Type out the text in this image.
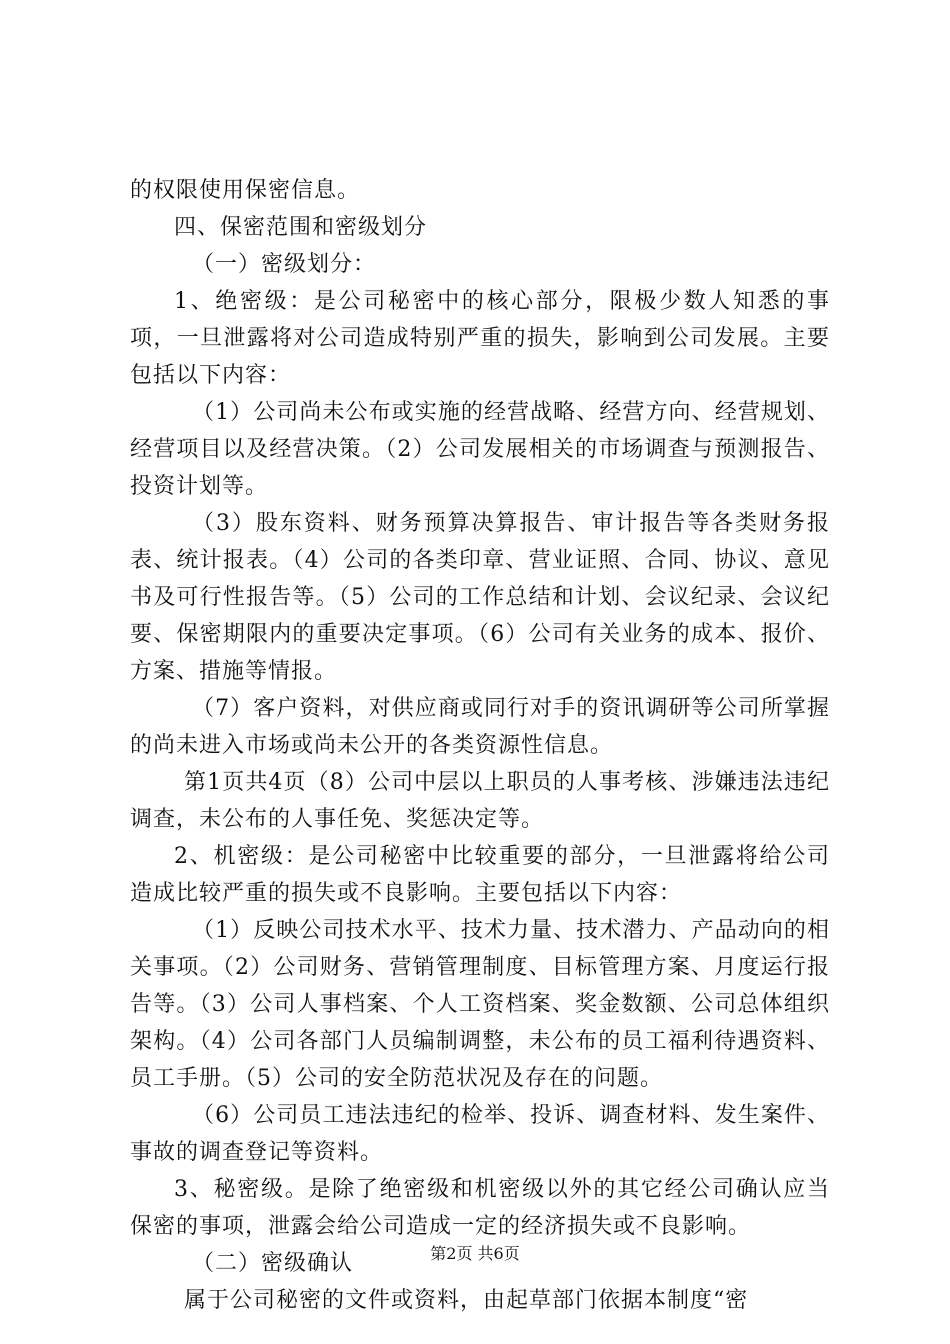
的权限使用保密信息。

四、保密范围和密级划分

（一）密级划分：

1、绝密级：是公司秘密中的核心部分，限极少数人知悉的事项，一旦泄露将对公司造成特别严重的损失，影响到公司发展。主要包括以下内容：

（1）公司尚未公布或实施的经营战略、经营方向、经营规划、经营项目以及经营决策。（2）公司发展相关的市场调查与预测报告、投资计划等。

（3）股东资料、财务预算决算报告、审计报告等各类财务报表、统计报表。（4）公司的各类印章、营业证照、合同、协议、意见书及可行性报告等。（5）公司的工作总结和计划、会议纪录、会议纪要、保密期限内的重要决定事项。（6）公司有关业务的成本、报价、方案、措施等情报。

（7）客户资料，对供应商或同行对手的资讯调研等公司所掌握的尚未进入市场或尚未公开的各类资源性信息。

第1页共4页（8）公司中层以上职员的人事考核、涉嫌违法违纪调查，未公布的人事任免、奖惩决定等。

2、机密级：是公司秘密中比较重要的部分，一旦泄露将给公司造成比较严重的损失或不良影响。主要包括以下内容：

（1）反映公司技术水平、技术力量、技术潜力、产品动向的相关事项。（2）公司财务、营销管理制度、目标管理方案、月度运行报告等。（3）公司人事档案、个人工资档案、奖金数额、公司总体组织架构。（4）公司各部门人员编制调整，未公布的员工福利待遇资料、员工手册。（5）公司的安全防范状况及存在的问题。

（6）公司员工违法违纪的检举、投诉、调查材料、发生案件、事故的调查登记等资料。

3、秘密级。是除了绝密级和机密级以外的其它经公司确认应当保密的事项，泄露会给公司造成一定的经济损失或不良影响。

（二）密级确认

属于公司秘密的文件或资料，由起草部门依据本制度“密

第2页 共6页
